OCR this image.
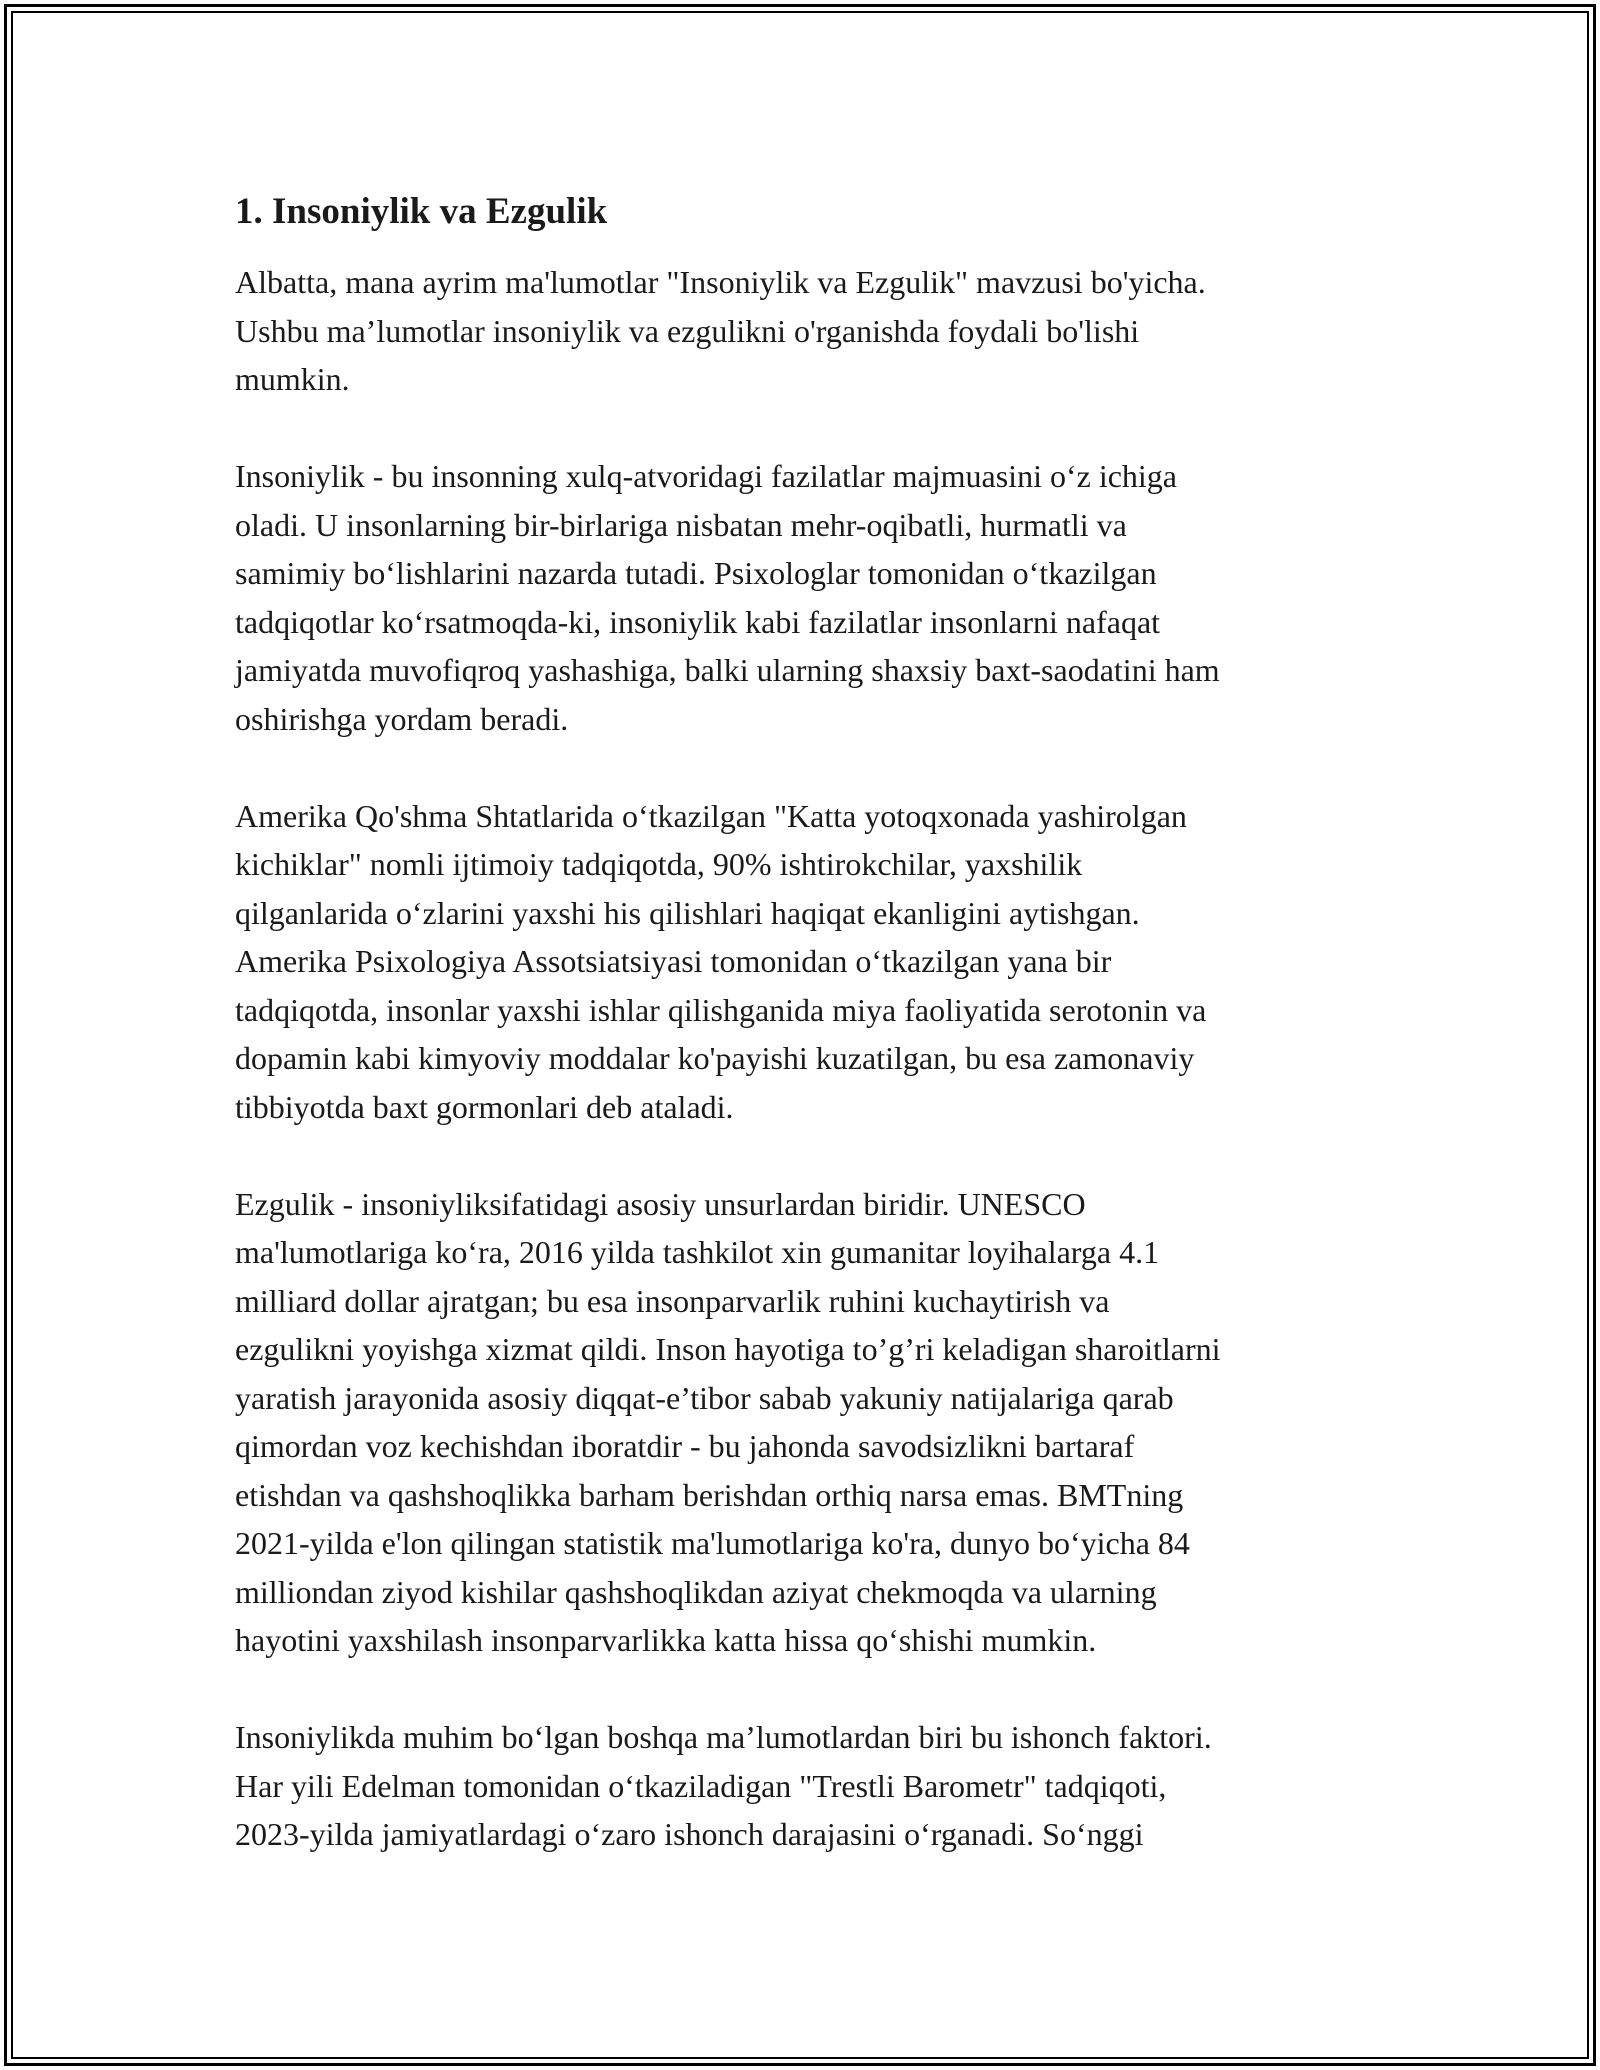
1. Insoniylik va Ezgulik
Albatta, mana ayrim ma'lumotlar "Insoniylik va Ezgulik" mavzusi bo'yicha.
Ushbu ma’lumotlar insoniylik va ezgulikni o'rganishda foydali bo'lishi
mumkin.
Insoniylik - bu insonning xulq-atvoridagi fazilatlar majmuasini oʻz ichiga
oladi. U insonlarning bir-birlariga nisbatan mehr-oqibatli, hurmatli va
samimiy boʻlishlarini nazarda tutadi. Psixologlar tomonidan oʻtkazilgan
tadqiqotlar koʻrsatmoqda-ki, insoniylik kabi fazilatlar insonlarni nafaqat
jamiyatda muvofiqroq yashashiga, balki ularning shaxsiy baxt-saodatini ham
oshirishga yordam beradi.
Amerika Qo'shma Shtatlarida oʻtkazilgan "Katta yotoqxonada yashirolgan
kichiklar" nomli ijtimoiy tadqiqotda, 90% ishtirokchilar, yaxshilik
qilganlarida oʻzlarini yaxshi his qilishlari haqiqat ekanligini aytishgan.
Amerika Psixologiya Assotsiatsiyasi tomonidan oʻtkazilgan yana bir
tadqiqotda, insonlar yaxshi ishlar qilishganida miya faoliyatida serotonin va
dopamin kabi kimyoviy moddalar ko'payishi kuzatilgan, bu esa zamonaviy
tibbiyotda baxt gormonlari deb ataladi.
Ezgulik - insoniyliksifatidagi asosiy unsurlardan biridir. UNESCO
ma'lumotlariga koʻra, 2016 yilda tashkilot xin gumanitar loyihalarga 4.1
milliard dollar ajratgan; bu esa insonparvarlik ruhini kuchaytirish va
ezgulikni yoyishga xizmat qildi. Inson hayotiga to’g’ri keladigan sharoitlarni
yaratish jarayonida asosiy diqqat-e’tibor sabab yakuniy natijalariga qarab
qimordan voz kechishdan iboratdir - bu jahonda savodsizlikni bartaraf
etishdan va qashshoqlikka barham berishdan orthiq narsa emas. BMTning
2021-yilda e'lon qilingan statistik ma'lumotlariga ko'ra, dunyo boʻyicha 84
milliondan ziyod kishilar qashshoqlikdan aziyat chekmoqda va ularning
hayotini yaxshilash insonparvarlikka katta hissa qoʻshishi mumkin.
Insoniylikda muhim boʻlgan boshqa ma’lumotlardan biri bu ishonch faktori.
Har yili Edelman tomonidan oʻtkaziladigan "Trestli Barometr" tadqiqoti,
2023-yilda jamiyatlardagi oʻzaro ishonch darajasini oʻrganadi. Soʻnggi
